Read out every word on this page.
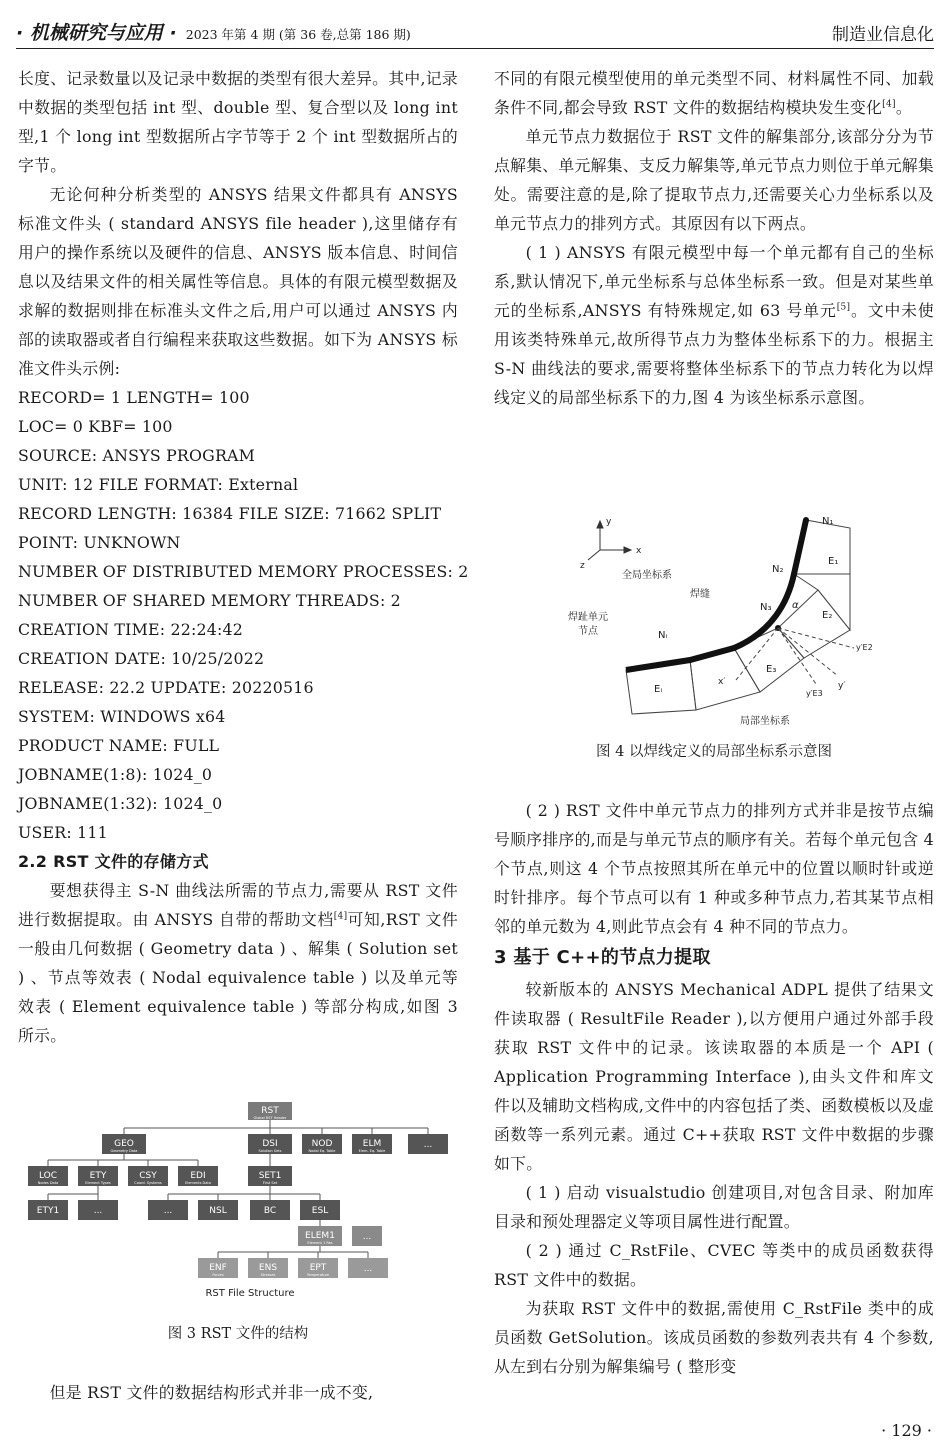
· 机械研究与应用 · 2023 年第 4 期 (第 36 卷,总第 186 期)	制造业信息化

长度、记录数量以及记录中数据的类型有很大差异。其中,记录中数据的类型包括 int 型、double 型、复合型以及 long int 型,1 个 long int 型数据所占字节等于 2 个 int 型数据所占的字节。

无论何种分析类型的 ANSYS 结果文件都具有 ANSYS 标准文件头 ( standard ANSYS file header ),这里储存有用户的操作系统以及硬件的信息、ANSYS 版本信息、时间信息以及结果文件的相关属性等信息。具体的有限元模型数据及求解的数据则排在标准头文件之后,用户可以通过 ANSYS 内部的读取器或者自行编程来获取这些数据。如下为 ANSYS 标准文件头示例:

RECORD= 1 LENGTH= 100

LOC= 0 KBF= 100

SOURCE: ANSYS PROGRAM

UNIT: 12 FILE FORMAT: External

RECORD LENGTH: 16384 FILE SIZE: 71662 SPLIT

POINT: UNKNOWN

NUMBER OF DISTRIBUTED MEMORY PROCESSES: 2

NUMBER OF SHARED MEMORY THREADS: 2

CREATION TIME: 22:24:42

CREATION DATE: 10/25/2022

RELEASE: 22.2 UPDATE: 20220516

SYSTEM: WINDOWS x64

PRODUCT NAME: FULL

JOBNAME(1:8): 1024_0

JOBNAME(1:32): 1024_0

USER: 111

2.2 RST 文件的存储方式

要想获得主 S-N 曲线法所需的节点力,需要从 RST 文件进行数据提取。由 ANSYS 自带的帮助文档[4]可知,RST 文件一般由几何数据 ( Geometry data ) 、解集 ( Solution set ) 、节点等效表 ( Nodal equivalence table ) 以及单元等效表 ( Element equivalence table ) 等部分构成,如图 3 所示。

RST
Global RST Header
GEO
Geometry Data
DSI
Solution Sets
NOD
Nodal Eq. Table
ELM
Elem. Eq. Table
...
LOC
Nodes Data
ETY
Element Types
CSY
Coord. Systems
EDI
Elements Data
SET1
First Set
ETY1	...	...	NSL	BC	ESL
ELEM1
Element 1 Res
...
ENF
Forces
ENS
Stresses
EPT
Temperature
...
RST File Structure
图 3 RST 文件的结构

但是 RST 文件的数据结构形式并非一成不变,

不同的有限元模型使用的单元类型不同、材料属性不同、加载条件不同,都会导致 RST 文件的数据结构模块发生变化[4]。

单元节点力数据位于 RST 文件的解集部分,该部分分为节点解集、单元解集、支反力解集等,单元节点力则位于单元解集处。需要注意的是,除了提取节点力,还需要关心力坐标系以及单元节点力的排列方式。其原因有以下两点。

( 1 ) ANSYS 有限元模型中每一个单元都有自己的坐标系,默认情况下,单元坐标系与总体坐标系一致。但是对某些单元的坐标系,ANSYS 有特殊规定,如 63 号单元[5]。文中未使用该类特殊单元,故所得节点力为整体坐标系下的力。根据主 S-N 曲线法的要求,需要将整体坐标系下的节点力转化为以焊线定义的局部坐标系下的力,图 4 为该坐标系示意图。

y
x
z
全局坐标系
N₁
N₂
N₃
Nᵢ
E₁
E₂
E₃
Eᵢ
α
y′E2
y′E3
y′
x′
焊缝
焊趾单元
节点
局部坐标系
图 4 以焊线定义的局部坐标系示意图

( 2 ) RST 文件中单元节点力的排列方式并非是按节点编号顺序排序的,而是与单元节点的顺序有关。若每个单元包含 4 个节点,则这 4 个节点按照其所在单元中的位置以顺时针或逆时针排序。每个节点可以有 1 种或多种节点力,若其某节点相邻的单元数为 4,则此节点会有 4 种不同的节点力。

3 基于 C++的节点力提取

较新版本的 ANSYS Mechanical ADPL 提供了结果文件读取器 ( ResultFile Reader ),以方便用户通过外部手段获取 RST 文件中的记录。该读取器的本质是一个 API ( Application Programming Interface ),由头文件和库文件以及辅助文档构成,文件中的内容包括了类、函数模板以及虚函数等一系列元素。通过 C++获取 RST 文件中数据的步骤如下。

( 1 ) 启动 visualstudio 创建项目,对包含目录、附加库目录和预处理器定义等项目属性进行配置。

( 2 ) 通过 C_RstFile、CVEC 等类中的成员函数获得 RST 文件中的数据。

为获取 RST 文件中的数据,需使用 C_RstFile 类中的成员函数 GetSolution。该成员函数的参数列表共有 4 个参数,从左到右分别为解集编号 ( 整形变

· 129 ·
